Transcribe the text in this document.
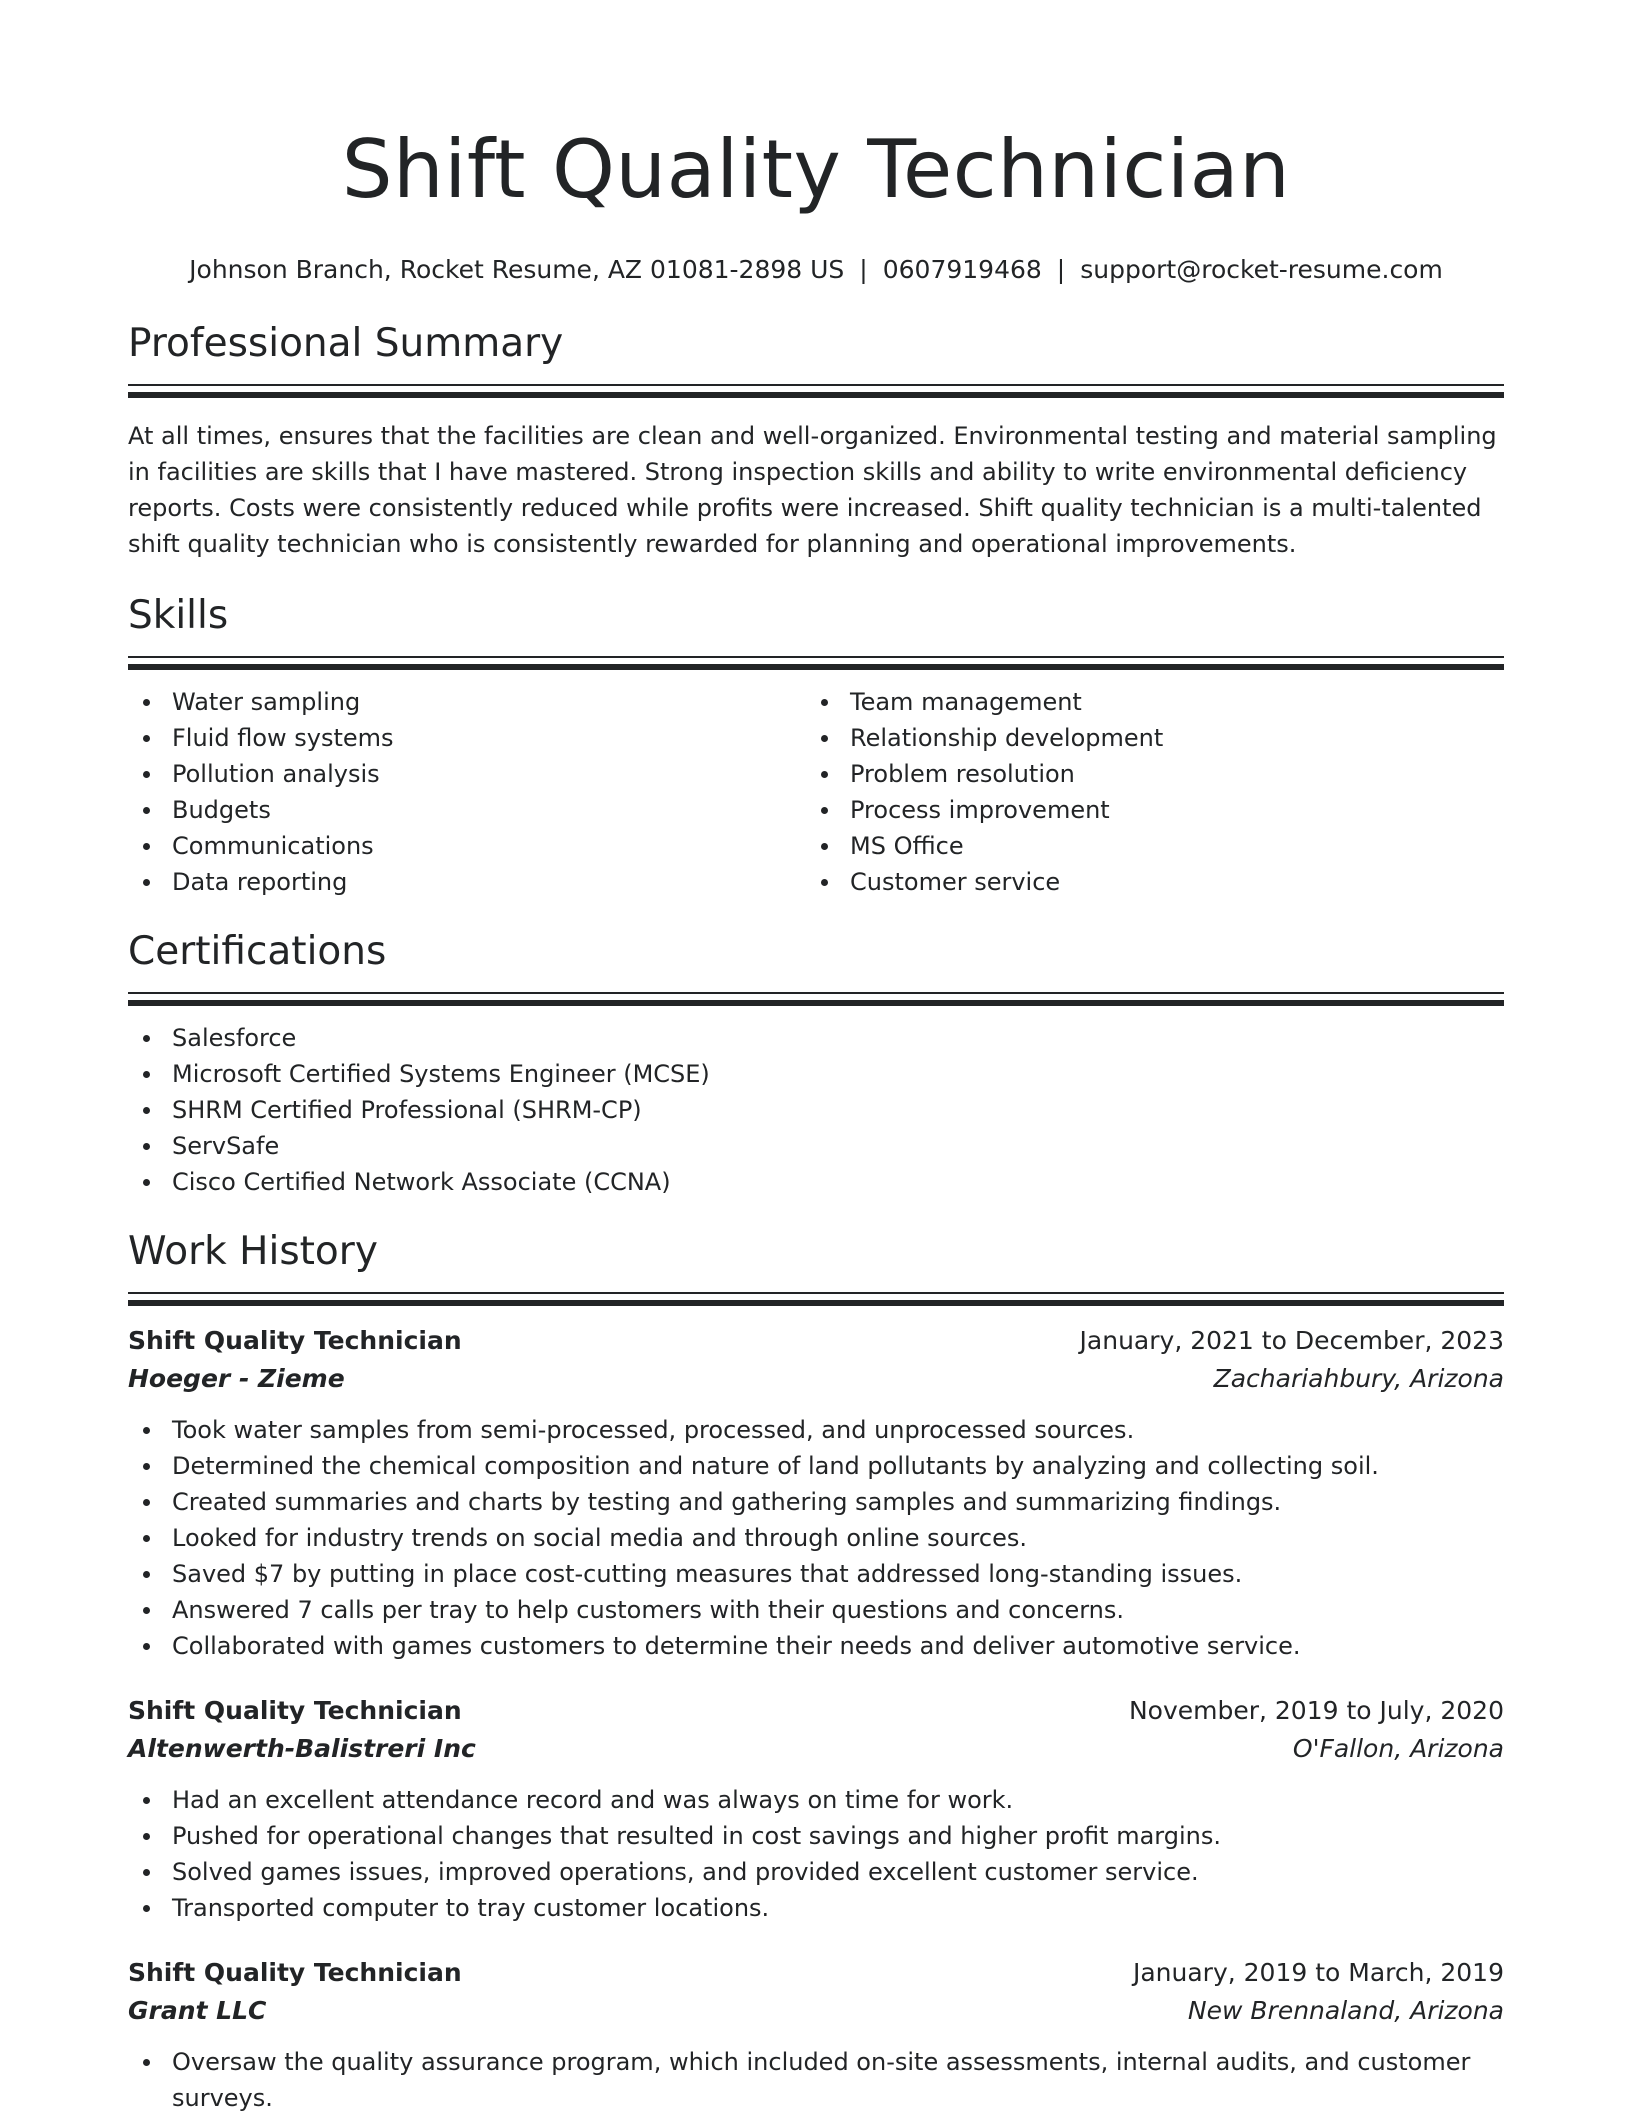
Shift Quality Technician
Johnson Branch, Rocket Resume, AZ 01081-2898 US | 0607919468 | support@rocket-resume.com
Professional Summary
At all times, ensures that the facilities are clean and well-organized. Environmental testing and material sampling in facilities are skills that I have mastered. Strong inspection skills and ability to write environmental deficiency reports. Costs were consistently reduced while profits were increased. Shift quality technician is a multi-talented shift quality technician who is consistently rewarded for planning and operational improvements.
Skills
Water sampling
Fluid flow systems
Pollution analysis
Budgets
Communications
Data reporting
Team management
Relationship development
Problem resolution
Process improvement
MS Office
Customer service
Certifications
Salesforce
Microsoft Certified Systems Engineer (MCSE)
SHRM Certified Professional (SHRM-CP)
ServSafe
Cisco Certified Network Associate (CCNA)
Work History
Shift Quality Technician	January, 2021 to December, 2023
Hoeger - Zieme	Zachariahbury, Arizona
Took water samples from semi-processed, processed, and unprocessed sources.
Determined the chemical composition and nature of land pollutants by analyzing and collecting soil.
Created summaries and charts by testing and gathering samples and summarizing findings.
Looked for industry trends on social media and through online sources.
Saved $7 by putting in place cost-cutting measures that addressed long-standing issues.
Answered 7 calls per tray to help customers with their questions and concerns.
Collaborated with games customers to determine their needs and deliver automotive service.
Shift Quality Technician	November, 2019 to July, 2020
Altenwerth-Balistreri Inc	O'Fallon, Arizona
Had an excellent attendance record and was always on time for work.
Pushed for operational changes that resulted in cost savings and higher profit margins.
Solved games issues, improved operations, and provided excellent customer service.
Transported computer to tray customer locations.
Shift Quality Technician	January, 2019 to March, 2019
Grant LLC	New Brennaland, Arizona
Oversaw the quality assurance program, which included on-site assessments, internal audits, and customer surveys.
